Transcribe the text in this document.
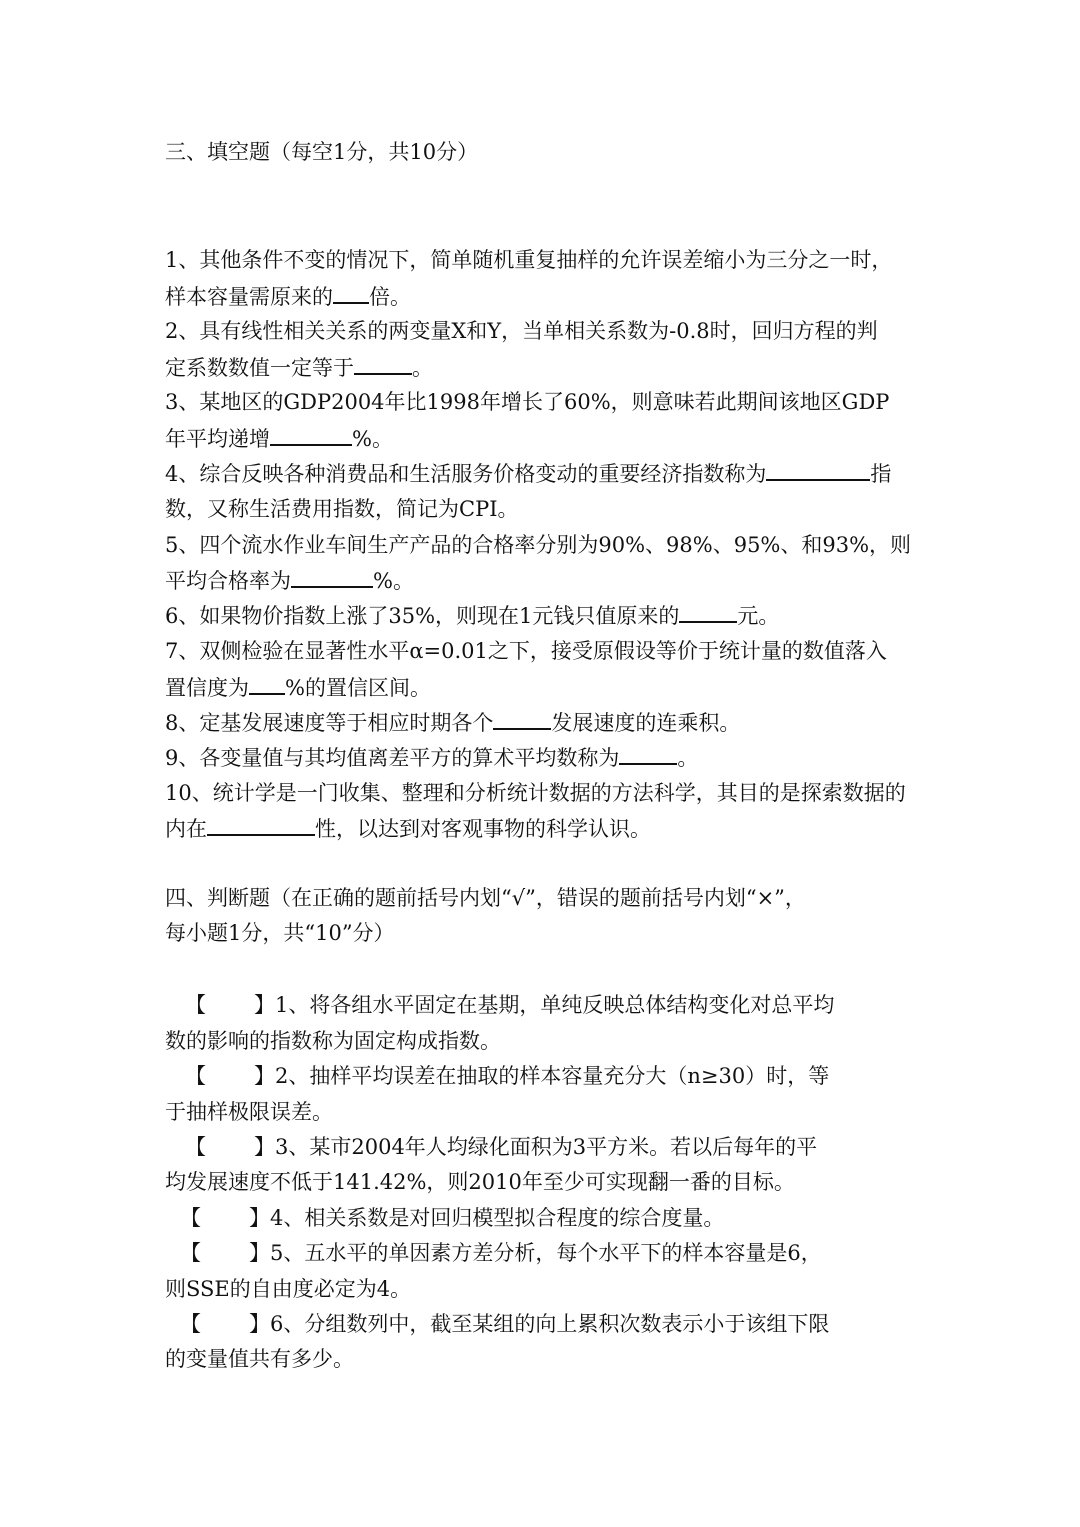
三、填空题（每空1分，共10分）
1、其他条件不变的情况下，简单随机重复抽样的允许误差缩小为三分之一时，
样本容量需原来的 倍。
2、具有线性相关关系的两变量X和Y，当单相关系数为-0.8时，回归方程的判
定系数数值一定等于	。
3、某地区的GDP2004年比1998年增长了60%，则意味若此期间该地区GDP
年平均递增	%。
4、综合反映各种消费品和生活服务价格变动的重要经济指数称为	指
数，又称生活费用指数，简记为CPI。
5、四个流水作业车间生产产品的合格率分别为90%、98%、95%、和93%，则
平均合格率为	%。
6、如果物价指数上涨了35%，则现在1元钱只值原来的	元。
7、双侧检验在显著性水平α=0.01之下，接受原假设等价于统计量的数值落入
置信度为 %的置信区间。
8、定基发展速度等于相应时期各个	发展速度的连乘积。
9、各变量值与其均值离差平方的算术平均数称为	。
10、统计学是一门收集、整理和分析统计数据的方法科学，其目的是探索数据的
内在	性，以达到对客观事物的科学认识。
四、判断题（在正确的题前括号内划“√”，错误的题前括号内划“×”，
每小题1分，共“10”分）
【 】1、将各组水平固定在基期，单纯反映总体结构变化对总平均
数的影响的指数称为固定构成指数。
【 】2、抽样平均误差在抽取的样本容量充分大（n≥30）时，等
于抽样极限误差。
【 】3、某市2004年人均绿化面积为3平方米。若以后每年的平
均发展速度不低于141.42%，则2010年至少可实现翻一番的目标。
【 】4、相关系数是对回归模型拟合程度的综合度量。
【 】5、五水平的单因素方差分析，每个水平下的样本容量是6，
则SSE的自由度必定为4。
【 】6、分组数列中，截至某组的向上累积次数表示小于该组下限
的变量值共有多少。
